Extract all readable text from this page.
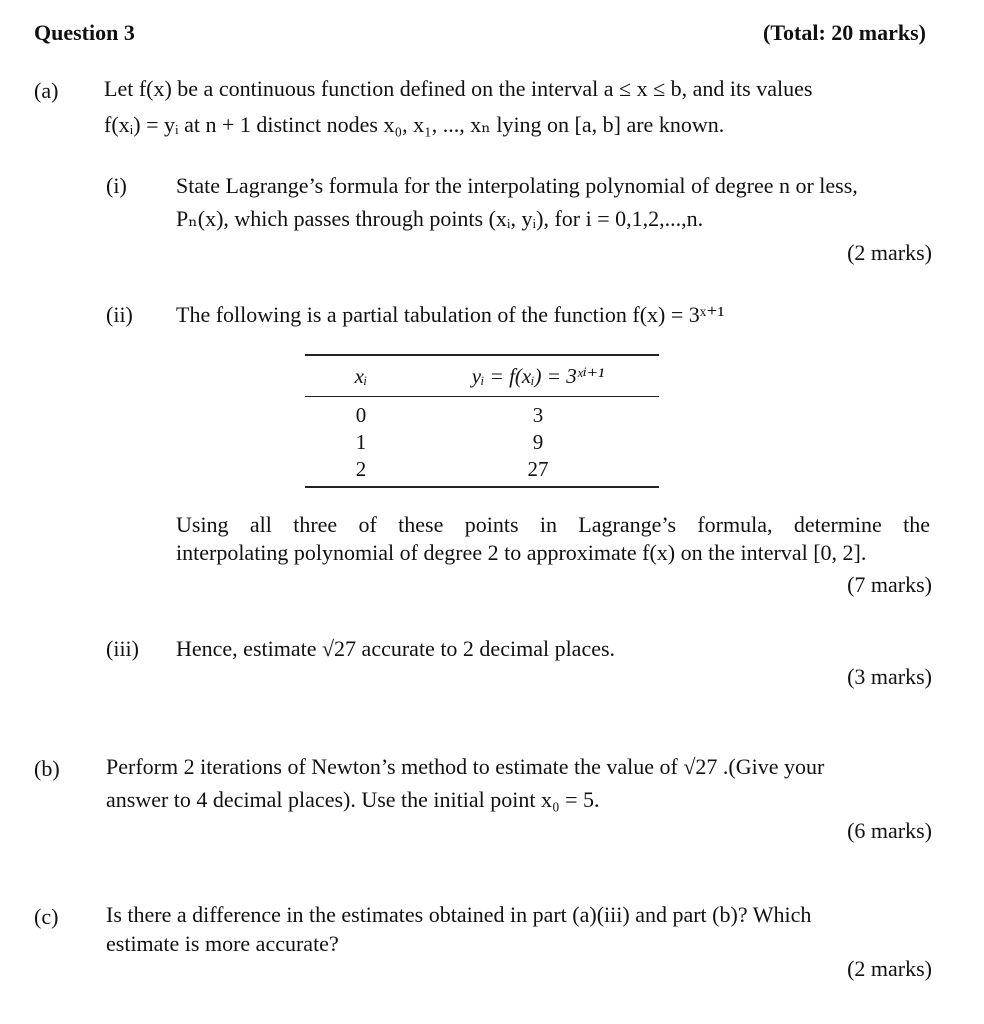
Question 3	(Total: 20 marks)
(a) Let f(x) be a continuous function defined on the interval a ≤ x ≤ b, and its values
f(xᵢ) = yᵢ at n + 1 distinct nodes x₀, x₁, ..., xₙ lying on [a, b] are known.
(i) State Lagrange’s formula for the interpolating polynomial of degree n or less,
Pₙ(x), which passes through points (xᵢ, yᵢ), for i = 0,1,2,...,n.
(2 marks)
(ii) The following is a partial tabulation of the function f(x) = 3ˣ⁺¹
xᵢ	yᵢ = f(xᵢ) = 3ˣⁱ⁺¹
0	3
1	9
2	27
Using all three of these points in Lagrange’s formula, determine the
interpolating polynomial of degree 2 to approximate f(x) on the interval [0, 2].
(7 marks)
(iii) Hence, estimate √27 accurate to 2 decimal places.
(3 marks)
(b) Perform 2 iterations of Newton’s method to estimate the value of √27 .(Give your
answer to 4 decimal places). Use the initial point x₀ = 5.
(6 marks)
(c) Is there a difference in the estimates obtained in part (a)(iii) and part (b)? Which
estimate is more accurate?
(2 marks)
